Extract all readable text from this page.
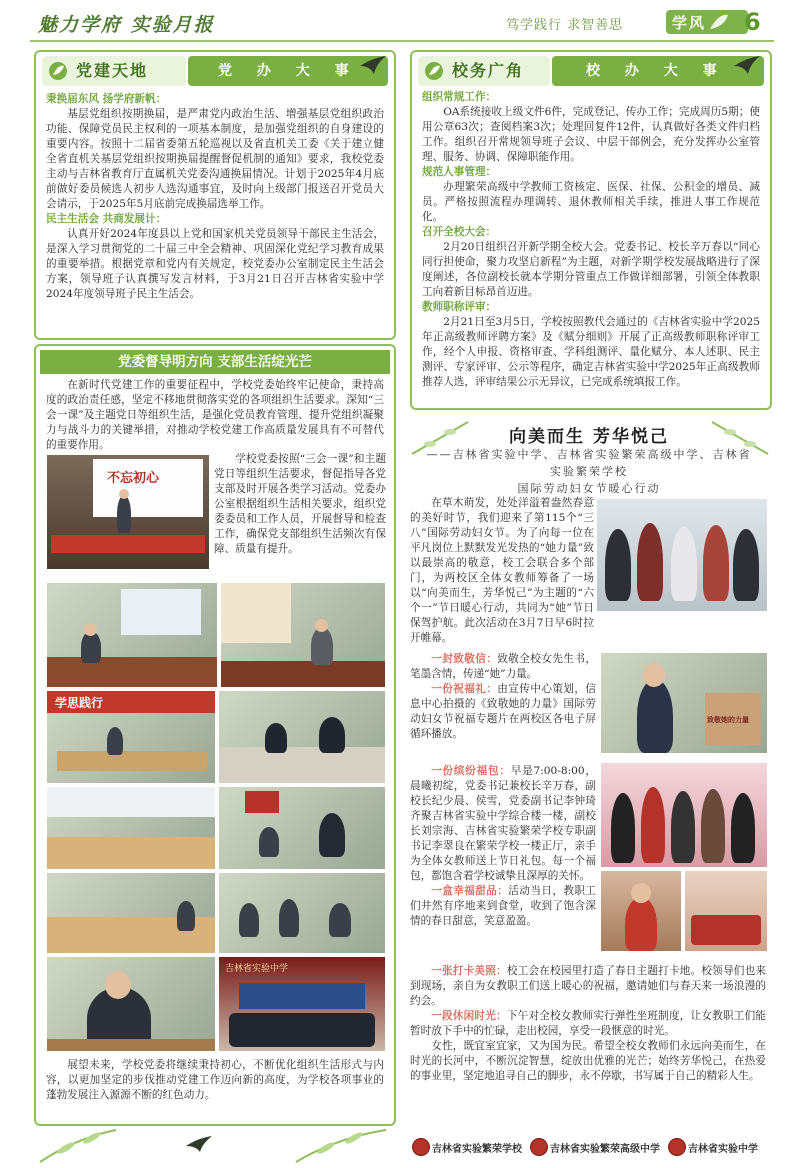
魅力学府 实验月报	笃学践行 求智善思	学风 6
党建天地	党 办 大 事 记
秉换届东风 扬学府新帆：

基层党组织按期换届，是严肃党内政治生活、增强基层党组织政治功能、保障党员民主权利的一项基本制度，是加强党组织的自身建设的重要内容。按照十二届省委第五轮巡视以及省直机关工委《关于建立健全省直机关基层党组织按期换届提醒督促机制的通知》要求，我校党委主动与吉林省教育厅直属机关党委沟通换届情况。计划于2025年4月底前做好委员候选人初步人选沟通事宜，及时向上级部门报送召开党员大会请示，于2025年5月底前完成换届选举工作。

民主生活会 共商发展计：

认真开好2024年度县以上党和国家机关党员领导干部民主生活会，是深入学习贯彻党的二十届三中全会精神、巩固深化党纪学习教育成果的重要举措。根据党章和党内有关规定，校党委办公室制定民主生活会方案，领导班子认真撰写发言材料，于3月21日召开吉林省实验中学2024年度领导班子民主生活会。

党委督导明方向 支部生活绽光芒

在新时代党建工作的重要征程中，学校党委始终牢记使命，秉持高度的政治责任感，坚定不移地贯彻落实党的各项组织生活要求。深知“三会一课”及主题党日等组织生活，是强化党员教育管理、提升党组织凝聚力与战斗力的关键举措，对推动学校党建工作高质量发展具有不可替代的重要作用。

不忘初心

学校党委按照“三会一课”和主题党日等组织生活要求，督促指导各党支部及时开展各类学习活动。党委办公室根据组织生活相关要求，组织党委委员和工作人员，开展督导和检查工作，确保党支部组织生活频次有保障、质量有提升。

学思践行
吉林省实验中学

展望未来，学校党委将继续秉持初心，不断优化组织生活形式与内容，以更加坚定的步伐推动党建工作迈向新的高度，为学校各项事业的蓬勃发展注入源源不断的红色动力。

校务广角	校 办 大 事 记
组织常规工作：

OA系统接收上级文件6件，完成登记、传办工作；完成周历5期；使用公章63次；查阅档案3次；处理回复件12件，认真做好各类文件归档工作。组织召开常规领导班子会议、中层干部例会，充分发挥办公室管理、服务、协调、保障职能作用。

规范人事管理：

办理繁荣高级中学教师工资核定、医保、社保、公积金的增员、减员。严格按照流程办理调转、退休教师相关手续，推进人事工作规范化。

召开全校大会：

2月20日组织召开新学期全校大会。党委书记、校长辛万春以“同心同行担使命，聚力攻坚启新程”为主题，对新学期学校发展战略进行了深度阐述，各位副校长就本学期分管重点工作做详细部署，引领全体教职工向着新目标昂首迈进。

教师职称评审：

2月21日至3月5日，学校按照教代会通过的《吉林省实验中学2025年正高级教师评聘方案》及《赋分细则》开展了正高级教师职称评审工作，经个人申报、资格审查、学科组测评、量化赋分、本人述职、民主测评、专家评审、公示等程序，确定吉林省实验中学2025年正高级教师推荐人选，评审结果公示无异议，已完成系统填报工作。

向美而生 芳华悦己
——吉林省实验中学、吉林省实验繁荣高级中学、吉林省
实验繁荣学校
国际劳动妇女节暖心行动

在草木萌发，处处洋溢着盎然春意的美好时节，我们迎来了第115个“三八”国际劳动妇女节。为了向每一位在平凡岗位上默默发光发热的“她力量”致以最崇高的敬意，校工会联合多个部门，为两校区全体女教师筹备了一场以“向美而生，芳华悦己”为主题的“六个一”节日暖心行动，共同为“她”节日保驾护航。此次活动在3月7日早6时拉开帷幕。

一封致敬信：致敬全校女先生书，笔墨含情，传递“她”力量。

一份祝福礼：由宣传中心策划，信息中心拍摄的《致敬她的力量》国际劳动妇女节祝福专题片在两校区各电子屏循环播放。

致敬她的力量

一份缤纷福包：早是7:00-8:00，晨曦初绽，党委书记兼校长辛万春，副校长纪少晨、侯雪，党委副书记李钟琦齐聚吉林省实验中学综合楼一楼，副校长刘宗海、吉林省实验繁荣学校专职副书记李翠良在繁荣学校一楼正厅，亲手为全体女教师送上节日礼包。每一个福包，都饱含着学校诚挚且深厚的关怀。

一盒幸福甜品：活动当日，教职工们井然有序地来到食堂，收到了饱含深情的春日甜意，笑意盈盈。

一张打卡美照：校工会在校园里打造了春日主题打卡地。校领导们也来到现场，亲自为女教职工们送上暖心的祝福，邀请她们与春天来一场浪漫的约会。

一段休闲时光：下午对全校女教师实行弹性坐班制度，让女教职工们能暂时放下手中的忙碌，走出校园，享受一段惬意的时光。

女性，既宜室宜家，又为国为民。希望全校女教师们永远向美而生，在时光的长河中，不断沉淀智慧，绽放出优雅的光芒；始终芳华悦己，在热爱的事业里，坚定地追寻自己的脚步，永不停歇，书写属于自己的精彩人生。

吉林省实验繁荣学校	吉林省实验繁荣高级中学	吉林省实验中学
